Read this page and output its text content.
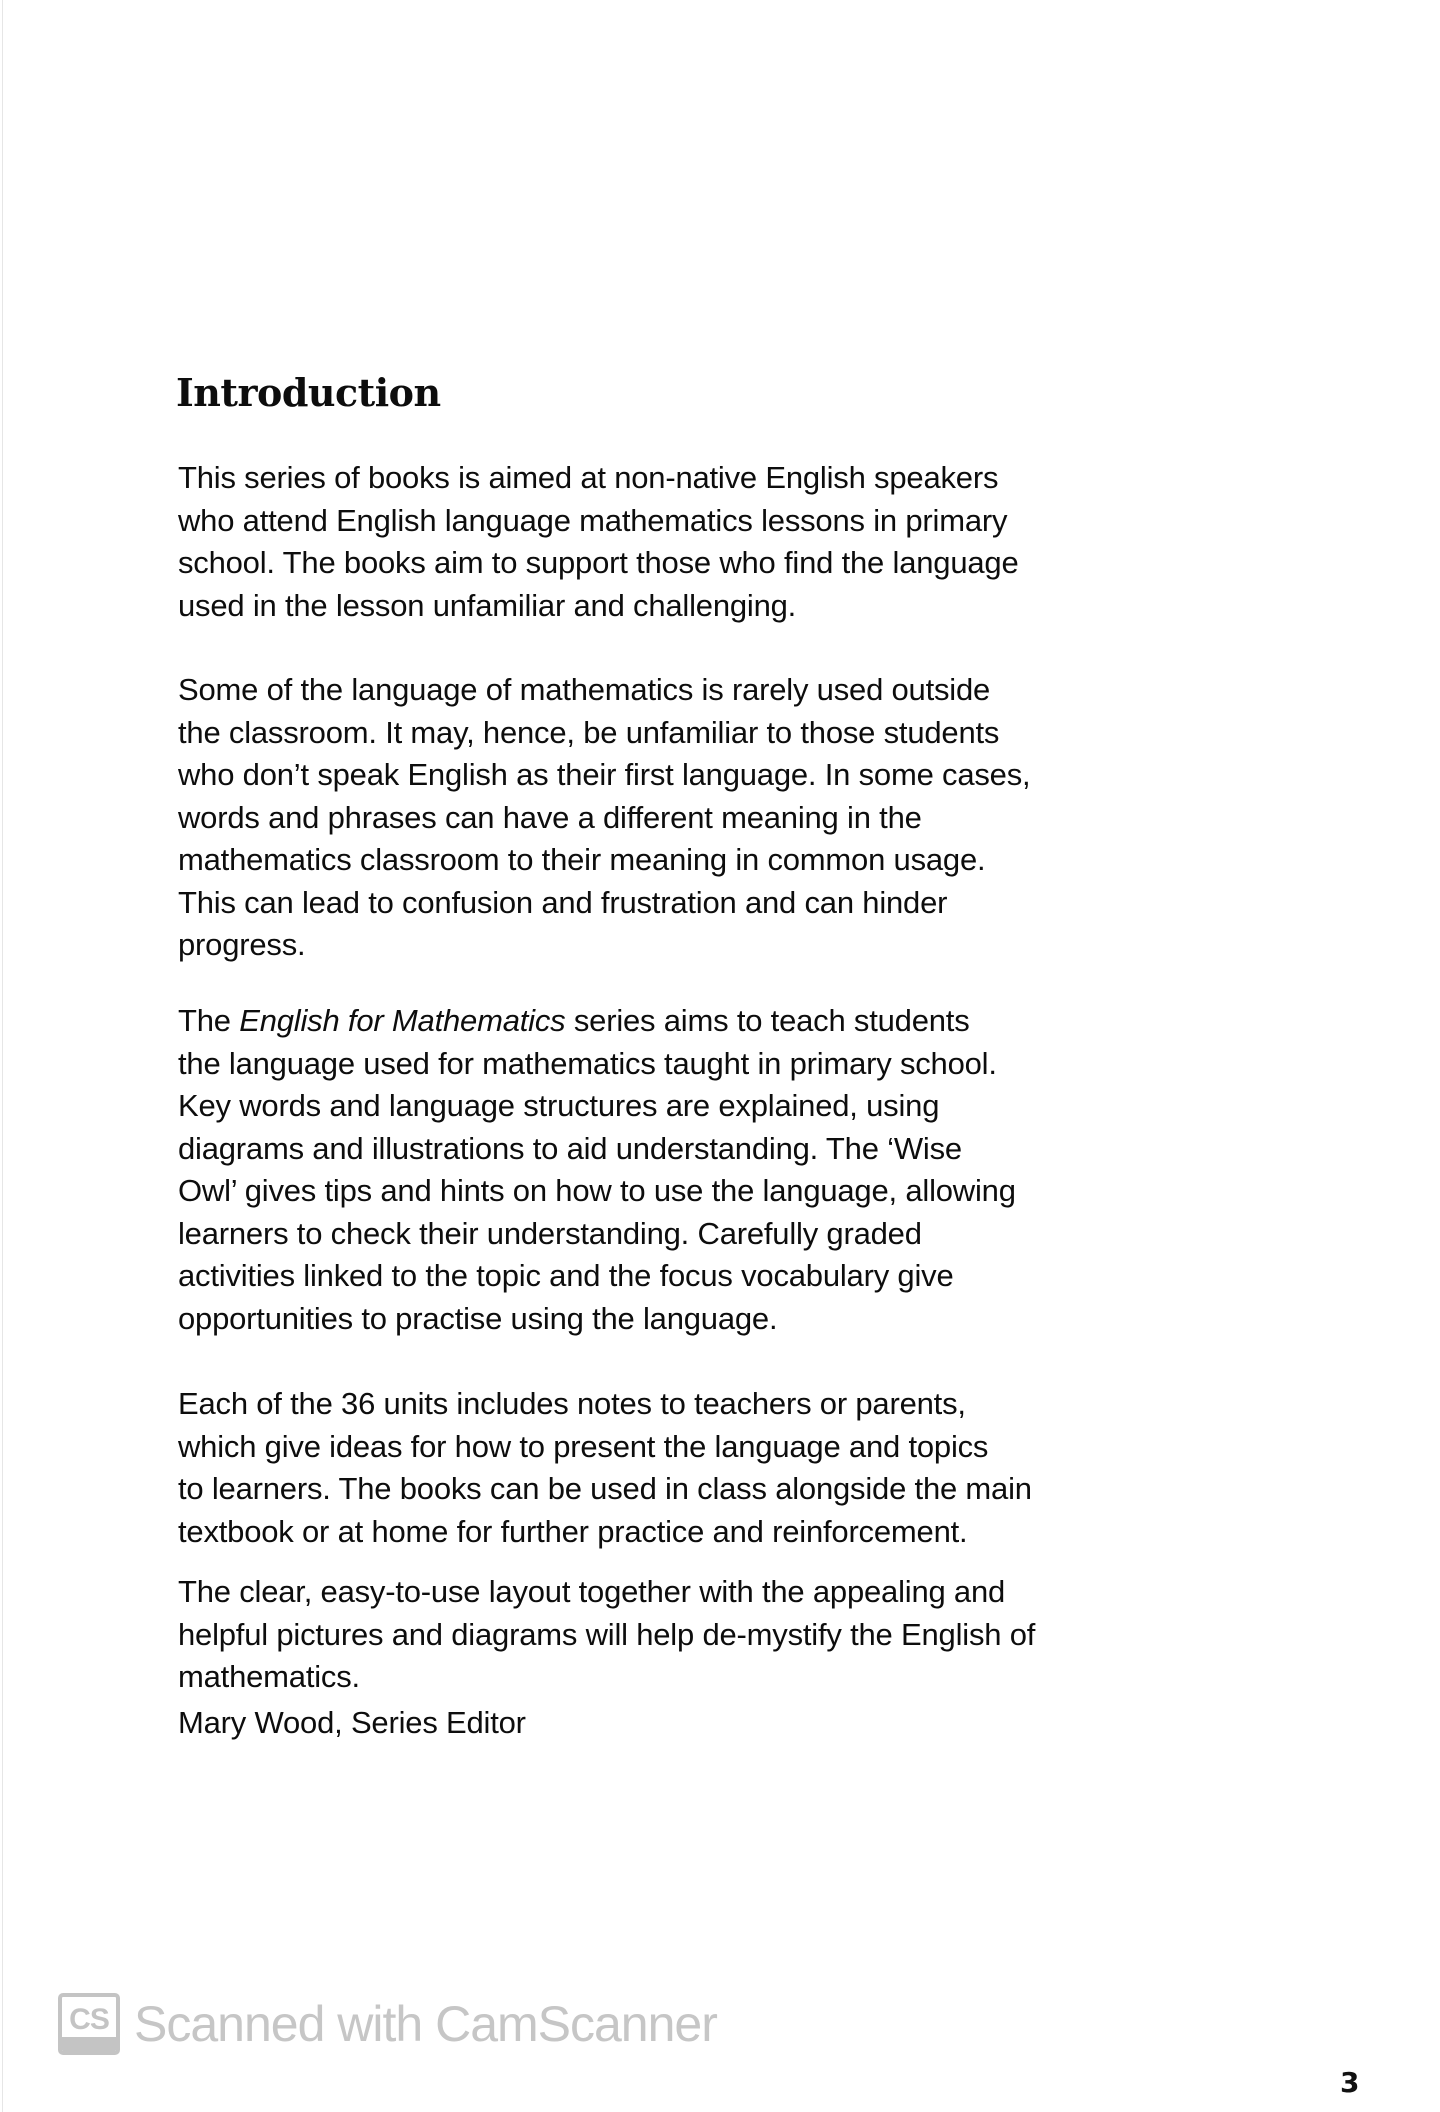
Introduction

This series of books is aimed at non-native English speakers
who attend English language mathematics lessons in primary
school. The books aim to support those who find the language
used in the lesson unfamiliar and challenging.

Some of the language of mathematics is rarely used outside
the classroom. It may, hence, be unfamiliar to those students
who don’t speak English as their first language. In some cases,
words and phrases can have a different meaning in the
mathematics classroom to their meaning in common usage.
This can lead to confusion and frustration and can hinder
progress.

The English for Mathematics series aims to teach students
the language used for mathematics taught in primary school.
Key words and language structures are explained, using
diagrams and illustrations to aid understanding. The ‘Wise
Owl’ gives tips and hints on how to use the language, allowing
learners to check their understanding. Carefully graded
activities linked to the topic and the focus vocabulary give
opportunities to practise using the language.

Each of the 36 units includes notes to teachers or parents,
which give ideas for how to present the language and topics
to learners. The books can be used in class alongside the main
textbook or at home for further practice and reinforcement.

The clear, easy-to-use layout together with the appealing and
helpful pictures and diagrams will help de-mystify the English of
mathematics.

Mary Wood, Series Editor

CS Scanned with CamScanner
3
